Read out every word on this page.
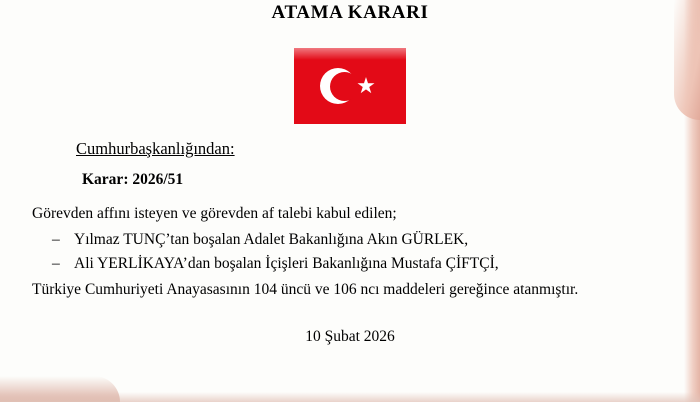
ATAMA KARARI
★
Cumhurbaşkanlığından:
Karar: 2026/51
Görevden affını isteyen ve görevden af talebi kabul edilen;
– Yılmaz TUNÇ’tan boşalan Adalet Bakanlığına Akın GÜRLEK,
– Ali YERLİKAYA’dan boşalan İçişleri Bakanlığına Mustafa ÇİFTÇİ,
Türkiye Cumhuriyeti Anayasasının 104 üncü ve 106 ncı maddeleri gereğince atanmıştır.
10 Şubat 2026
